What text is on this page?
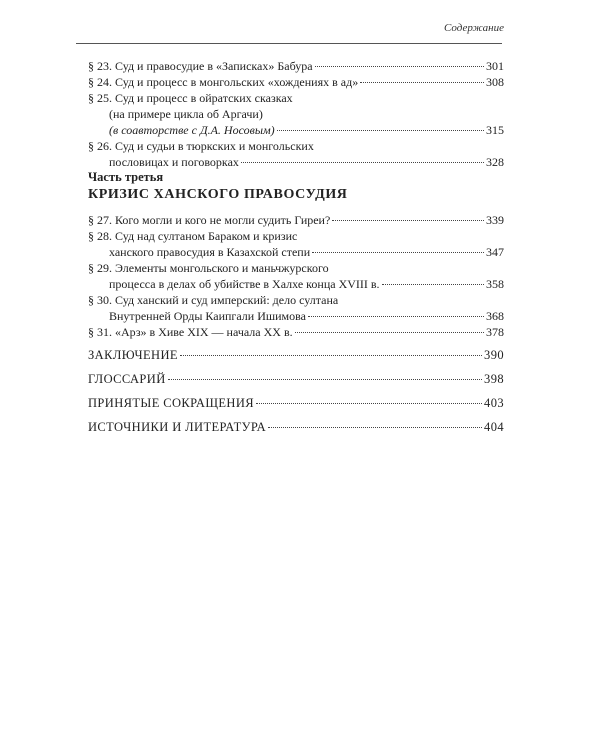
Содержание
§ 23. Суд и правосудие в «Записках» Бабура	301
§ 24. Суд и процесс в монгольских «хождениях в ад»	308
§ 25. Суд и процесс в ойратских сказках
(на примере цикла об Аргачи)
(в соавторстве с Д.А. Носовым)	315
§ 26. Суд и судьи в тюркских и монгольских
пословицах и поговорках	328
Часть третья
КРИЗИС ХАНСКОГО ПРАВОСУДИЯ
§ 27. Кого могли и кого не могли судить Гиреи?	339
§ 28. Суд над султаном Бараком и кризис
ханского правосудия в Казахской степи	347
§ 29. Элементы монгольского и маньчжурского
процесса в делах об убийстве в Халхе конца XVIII в.	358
§ 30. Суд ханский и суд имперский: дело султана
Внутренней Орды Каипгали Ишимова	368
§ 31. «Арз» в Хиве XIX — начала XX в.	378
ЗАКЛЮЧЕНИЕ	390
ГЛОССАРИЙ	398
ПРИНЯТЫЕ СОКРАЩЕНИЯ	403
ИСТОЧНИКИ И ЛИТЕРАТУРА	404
